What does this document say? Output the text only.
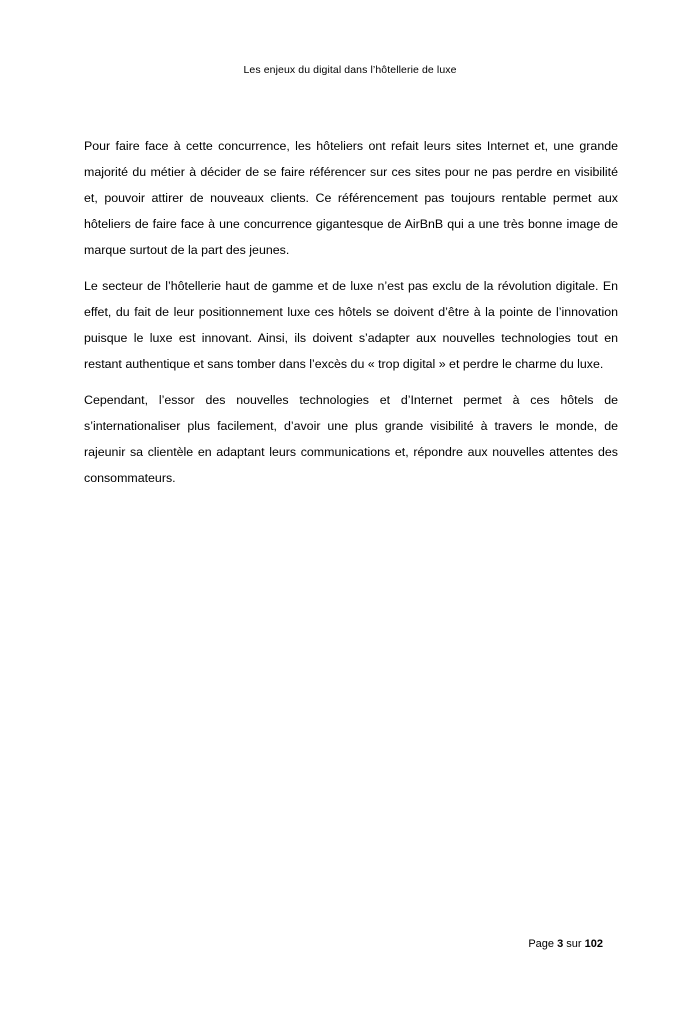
Les enjeux du digital dans l’hôtellerie de luxe

Pour faire face à cette concurrence, les hôteliers ont refait leurs sites Internet et, une grande majorité du métier à décider de se faire référencer sur ces sites pour ne pas perdre en visibilité et, pouvoir attirer de nouveaux clients. Ce référencement pas toujours rentable permet aux hôteliers de faire face à une concurrence gigantesque de AirBnB qui a une très bonne image de marque surtout de la part des jeunes.

Le secteur de l’hôtellerie haut de gamme et de luxe n’est pas exclu de la révolution digitale. En effet, du fait de leur positionnement luxe ces hôtels se doivent d’être à la pointe de l’innovation puisque le luxe est innovant. Ainsi, ils doivent s’adapter aux nouvelles technologies tout en restant authentique et sans tomber dans l’excès du « trop digital » et perdre le charme du luxe.

Cependant, l’essor des nouvelles technologies et d’Internet permet à ces hôtels de s’internationaliser plus facilement, d’avoir une plus grande visibilité à travers le monde, de rajeunir sa clientèle en adaptant leurs communications et, répondre aux nouvelles attentes des consommateurs.

Page 3 sur 102
